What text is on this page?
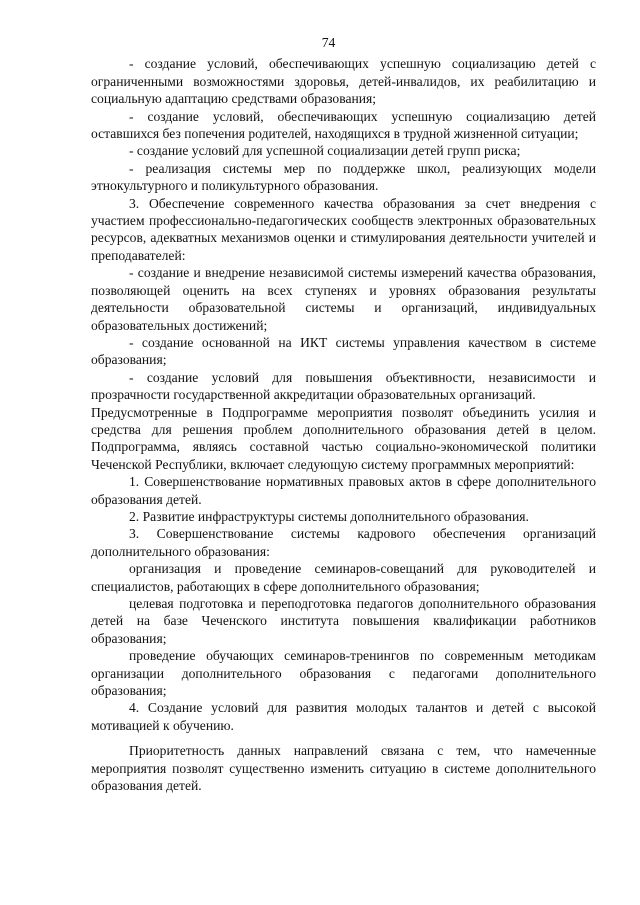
74

- создание условий, обеспечивающих успешную социализацию детей с ограниченными возможностями здоровья, детей-инвалидов, их реабилитацию и социальную адаптацию средствами образования;

- создание условий, обеспечивающих успешную социализацию детей оставшихся без попечения родителей, находящихся в трудной жизненной ситуации;

- создание условий для успешной социализации детей групп риска;

- реализация системы мер по поддержке школ, реализующих модели этнокультурного и поликультурного образования.

3. Обеспечение современного качества образования за счет внедрения с участием профессионально-педагогических сообществ электронных образовательных ресурсов, адекватных механизмов оценки и стимулирования деятельности учителей и преподавателей:

- создание и внедрение независимой системы измерений качества образования, позволяющей оценить на всех ступенях и уровнях образования результаты деятельности образовательной системы и организаций, индивидуальных образовательных достижений;

- создание основанной на ИКТ системы управления качеством в системе образования;

- создание условий для повышения объективности, независимости и прозрачности государственной аккредитации образовательных организаций.

Предусмотренные в Подпрограмме мероприятия позволят объединить усилия и средства для решения проблем дополнительного образования детей в целом. Подпрограмма, являясь составной частью социально-экономической политики Чеченской Республики, включает следующую систему программных мероприятий:

1. Совершенствование нормативных правовых актов в сфере дополнительного образования детей.

2. Развитие инфраструктуры системы дополнительного образования.

3. Совершенствование системы кадрового обеспечения организаций дополнительного образования:

организация и проведение семинаров-совещаний для руководителей и специалистов, работающих в сфере дополнительного образования;

целевая подготовка и переподготовка педагогов дополнительного образования детей на базе Чеченского института повышения квалификации работников образования;

проведение обучающих семинаров-тренингов по современным методикам организации дополнительного образования с педагогами дополнительного образования;

4. Создание условий для развития молодых талантов и детей с высокой мотивацией к обучению.

Приоритетность данных направлений связана с тем, что намеченные мероприятия позволят существенно изменить ситуацию в системе дополнительного образования детей.
